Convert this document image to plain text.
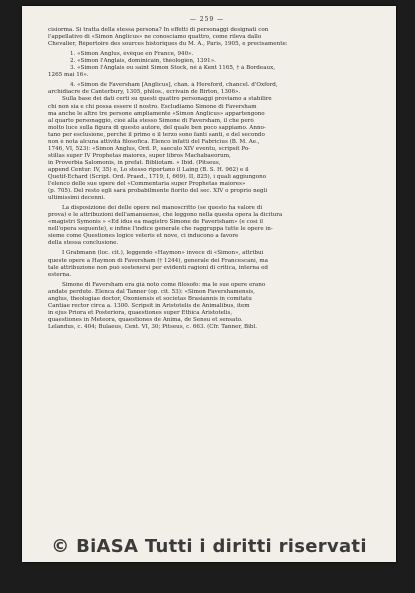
— 259 —
cisiorma. Si tratta della stessa persona? In effetti di personaggi designati con
l'appellativo di «Simon Anglicus» ne conosciamo quattro, come rileva dallo
Chevalier, Répertoire des sources historiques du M. A., Paris, 1905, e precisamente:
1. «Simon Anglus, évêque en France, 940».
2. «Simon l'Anglais, dominicain, théologien, 1391».
3. «Simon l'Anglais ou saint Simon Stock, né à Kent 1165, † à Bordeaux,
1265 mai 16».
4. «Simon de Faversham [Anglicus], chan. à Hereford, chancel. d'Oxford,
archidiacre de Canterbury, 1305, philos., écrivain de Birton, 1306».
Sulla base dei dati certi su questi quattro personaggi proviamo a stabilire
chi non sia e chi possa essere il nostro. Escludiamo Simone di Faversham
ma anche le altre tre persone ampliamente «Simon Anglicus» appartengono
al quarto personaggio, cioè alla stesso Simone di Faversham, il che però
molto luce sulla figura di questo autore, del quale ben poco sappiamo. Anno-
tano per esclusione, perché il primo e il terzo sono fanti santi, e del secondo
non è nota alcuna attività filosofica. Elenco infatti del Fabricius (B. M. Ae.,
1746, VI, 523): «Simon Anglus, Ord. P., saeculo XIV eventu, scripsit Po-
stillas super IV Prophetas maiores, super libros Machabaeorum,
in Proverbia Salomonis, in prefat. Bibliotam. » Ibid. (Pitseus,
append Centur. IV, 35) e, Lo stesso riportano il Laing (B. S. H. 962) e il
Quetif-Echard (Script. Ord. Praed., 1719, I, 669). II, 825), i quali aggiungono
l'elenco delle sue opere del «Commentaria super Prophetas maiores»
(p. 705). Del resto egli sarà probabilmente fiorito del sec. XIV o proprio negli
ultimissimi decenni.
La disposizione dei delle opere nel manoscritto (se questo ha valore di
prova) e le attribuzioni dell'amanuense, che leggono nella questa opera la dicitura
«magistri Symonis » «Ed idus ea magistro Simone de Faverisham» (e così il
nell'opera seguente), e infine l'indice generale che raggruppa tutte le opere in-
sieme come Questiones logice veteris et nove, ci inducono a favore
della stessa conclusione.
I Grabmann (loc. cit.), leggendo «Haymon» invece di «Simon», attribuì
queste opere a Haymon di Faversham († 1244), generale dei Francescani, ma
tale attribuzione non può sostenersi per evidenti ragioni di critica, interna ed
esterna.
Simone di Faversham era già noto come filosofo: ma le sue opere erano
andate perdute. Elenca dal Tanner (op. cit. 53): «Simon Favershamensis,
anglus, theologiae doctor, Oxoniensis et societas Brasiannis in comitatu
Cantiae rector circa a. 1300. Scripsit in Aristotelis de Animalibus, item
in ejus Priora et Posteriora, quaestiones super Ethica Aristotelis,
quaestiones in Meteora, quaestiones de Anima, de Sensu et sensato.
Lelandus, c. 404; Bulaeus, Cent. VI, 30; Pitseus, c. 663. (Cfr. Tanner, Bibl.
© BiASA Tutti i diritti riservati
